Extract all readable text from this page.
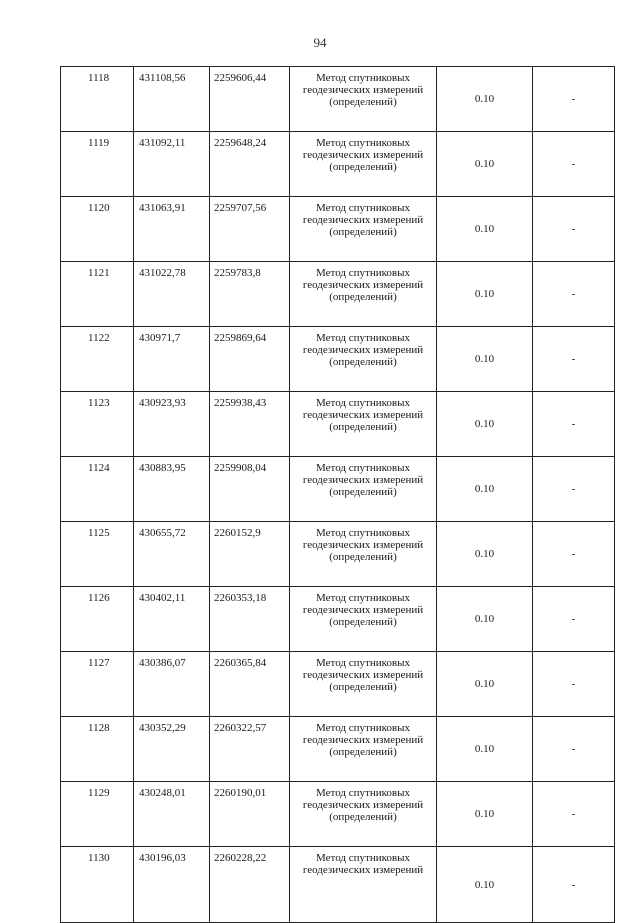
94
1118	431108,56	2259606,44	Метод спутниковых
геодезических измерений
(определений)	0.10	-
1119	431092,11	2259648,24	Метод спутниковых
геодезических измерений
(определений)	0.10	-
1120	431063,91	2259707,56	Метод спутниковых
геодезических измерений
(определений)	0.10	-
1121	431022,78	2259783,8	Метод спутниковых
геодезических измерений
(определений)	0.10	-
1122	430971,7	2259869,64	Метод спутниковых
геодезических измерений
(определений)	0.10	-
1123	430923,93	2259938,43	Метод спутниковых
геодезических измерений
(определений)	0.10	-
1124	430883,95	2259908,04	Метод спутниковых
геодезических измерений
(определений)	0.10	-
1125	430655,72	2260152,9	Метод спутниковых
геодезических измерений
(определений)	0.10	-
1126	430402,11	2260353,18	Метод спутниковых
геодезических измерений
(определений)	0.10	-
1127	430386,07	2260365,84	Метод спутниковых
геодезических измерений
(определений)	0.10	-
1128	430352,29	2260322,57	Метод спутниковых
геодезических измерений
(определений)	0.10	-
1129	430248,01	2260190,01	Метод спутниковых
геодезических измерений
(определений)	0.10	-
1130	430196,03	2260228,22	Метод спутниковых
геодезических измерений	0.10	-
